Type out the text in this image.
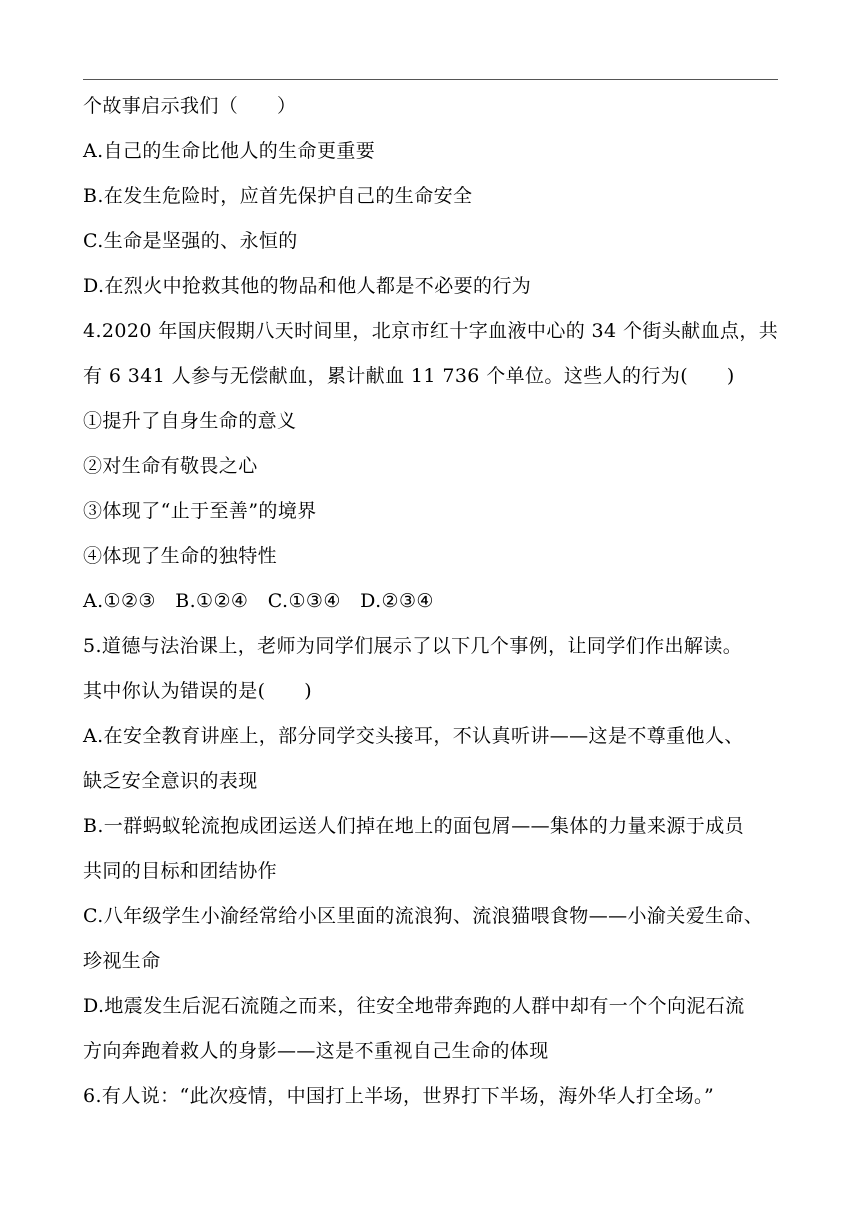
个故事启示我们（　　）
A.自己的生命比他人的生命更重要
B.在发生危险时，应首先保护自己的生命安全
C.生命是坚强的、永恒的
D.在烈火中抢救其他的物品和他人都是不必要的行为
4.2020 年国庆假期八天时间里，北京市红十字血液中心的 34 个街头献血点，共
有 6 341 人参与无偿献血，累计献血 11 736 个单位。这些人的行为(　　)
①提升了自身生命的意义
②对生命有敬畏之心
③体现了“止于至善”的境界
④体现了生命的独特性
A.①②③　B.①②④　C.①③④　D.②③④
5.道德与法治课上，老师为同学们展示了以下几个事例，让同学们作出解读。
其中你认为错误的是(　　)
A.在安全教育讲座上，部分同学交头接耳，不认真听讲——这是不尊重他人、
缺乏安全意识的表现
B.一群蚂蚁轮流抱成团运送人们掉在地上的面包屑——集体的力量来源于成员
共同的目标和团结协作
C.八年级学生小渝经常给小区里面的流浪狗、流浪猫喂食物——小渝关爱生命、
珍视生命
D.地震发生后泥石流随之而来，往安全地带奔跑的人群中却有一个个向泥石流
方向奔跑着救人的身影——这是不重视自己生命的体现
6.有人说：“此次疫情，中国打上半场，世界打下半场，海外华人打全场。”
